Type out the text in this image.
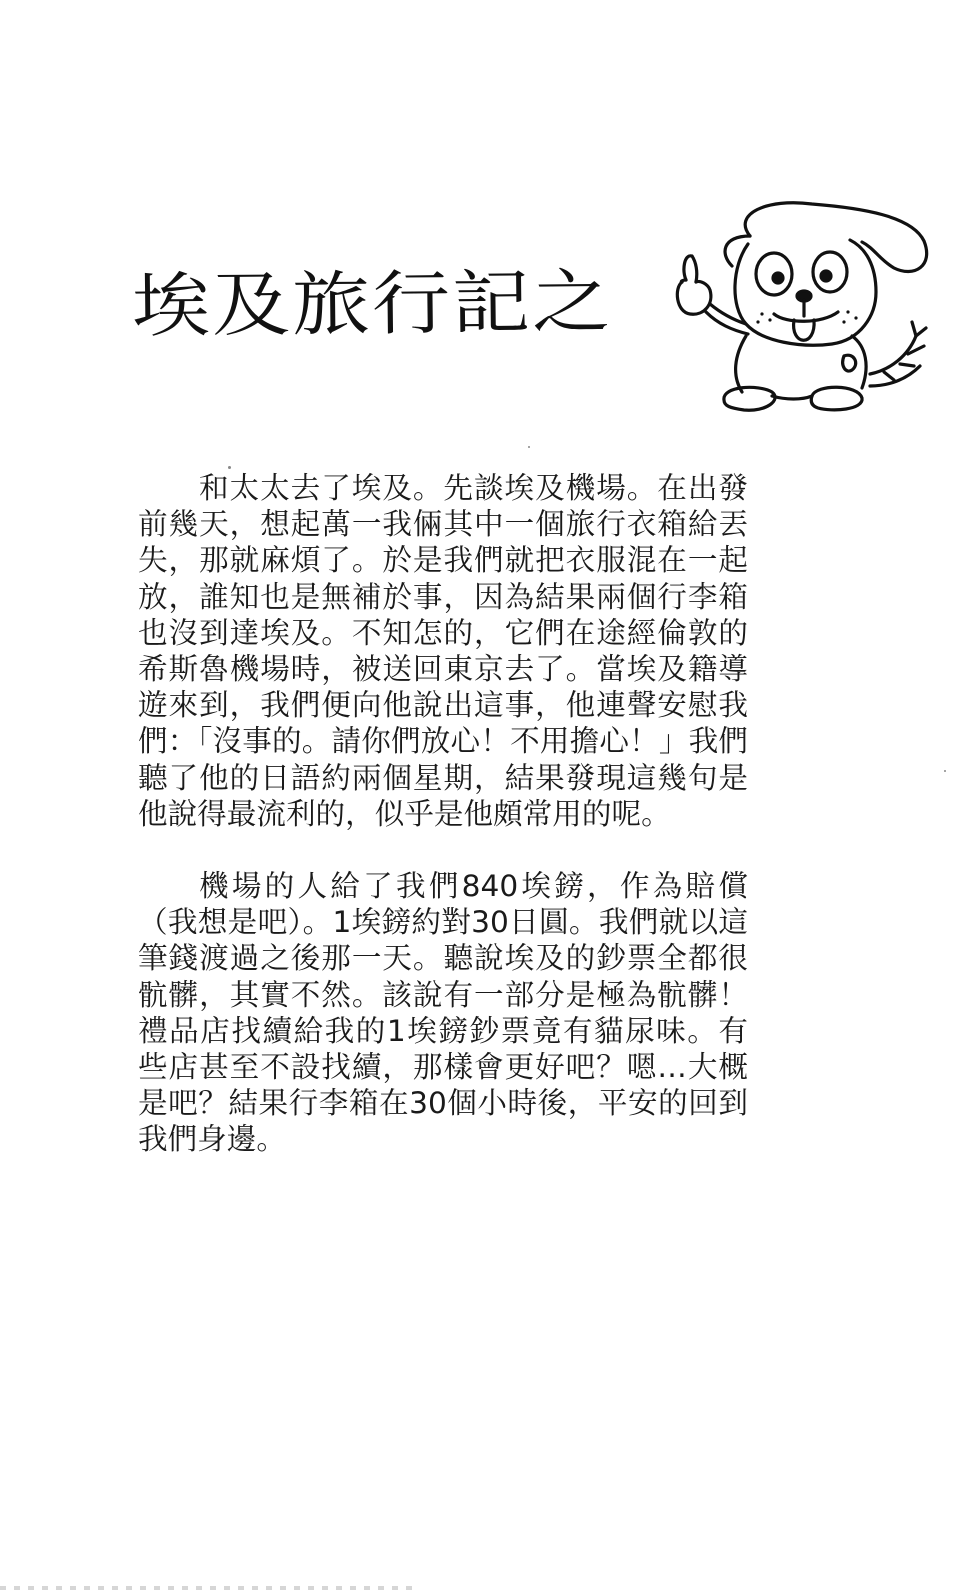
埃及旅行記之

和太太去了埃及。先談埃及機場。在出發前幾天，想起萬一我倆其中一個旅行衣箱給丟失，那就麻煩了。於是我們就把衣服混在一起放，誰知也是無補於事，因為結果兩個行李箱也沒到達埃及。不知怎的，它們在途經倫敦的希斯魯機場時，被送回東京去了。當埃及籍導遊來到，我們便向他說出這事，他連聲安慰我們：「沒事的。請你們放心！不用擔心！」我們聽了他的日語約兩個星期，結果發現這幾句是他說得最流利的，似乎是他頗常用的呢。

機場的人給了我們840埃鎊，作為賠償（我想是吧）。1埃鎊約對30日圓。我們就以這筆錢渡過之後那一天。聽說埃及的鈔票全都很骯髒，其實不然。該說有一部分是極為骯髒！禮品店找續給我的1埃鎊鈔票竟有貓尿味。有些店甚至不設找續，那樣會更好吧？嗯…大概是吧？結果行李箱在30個小時後，平安的回到我們身邊。
